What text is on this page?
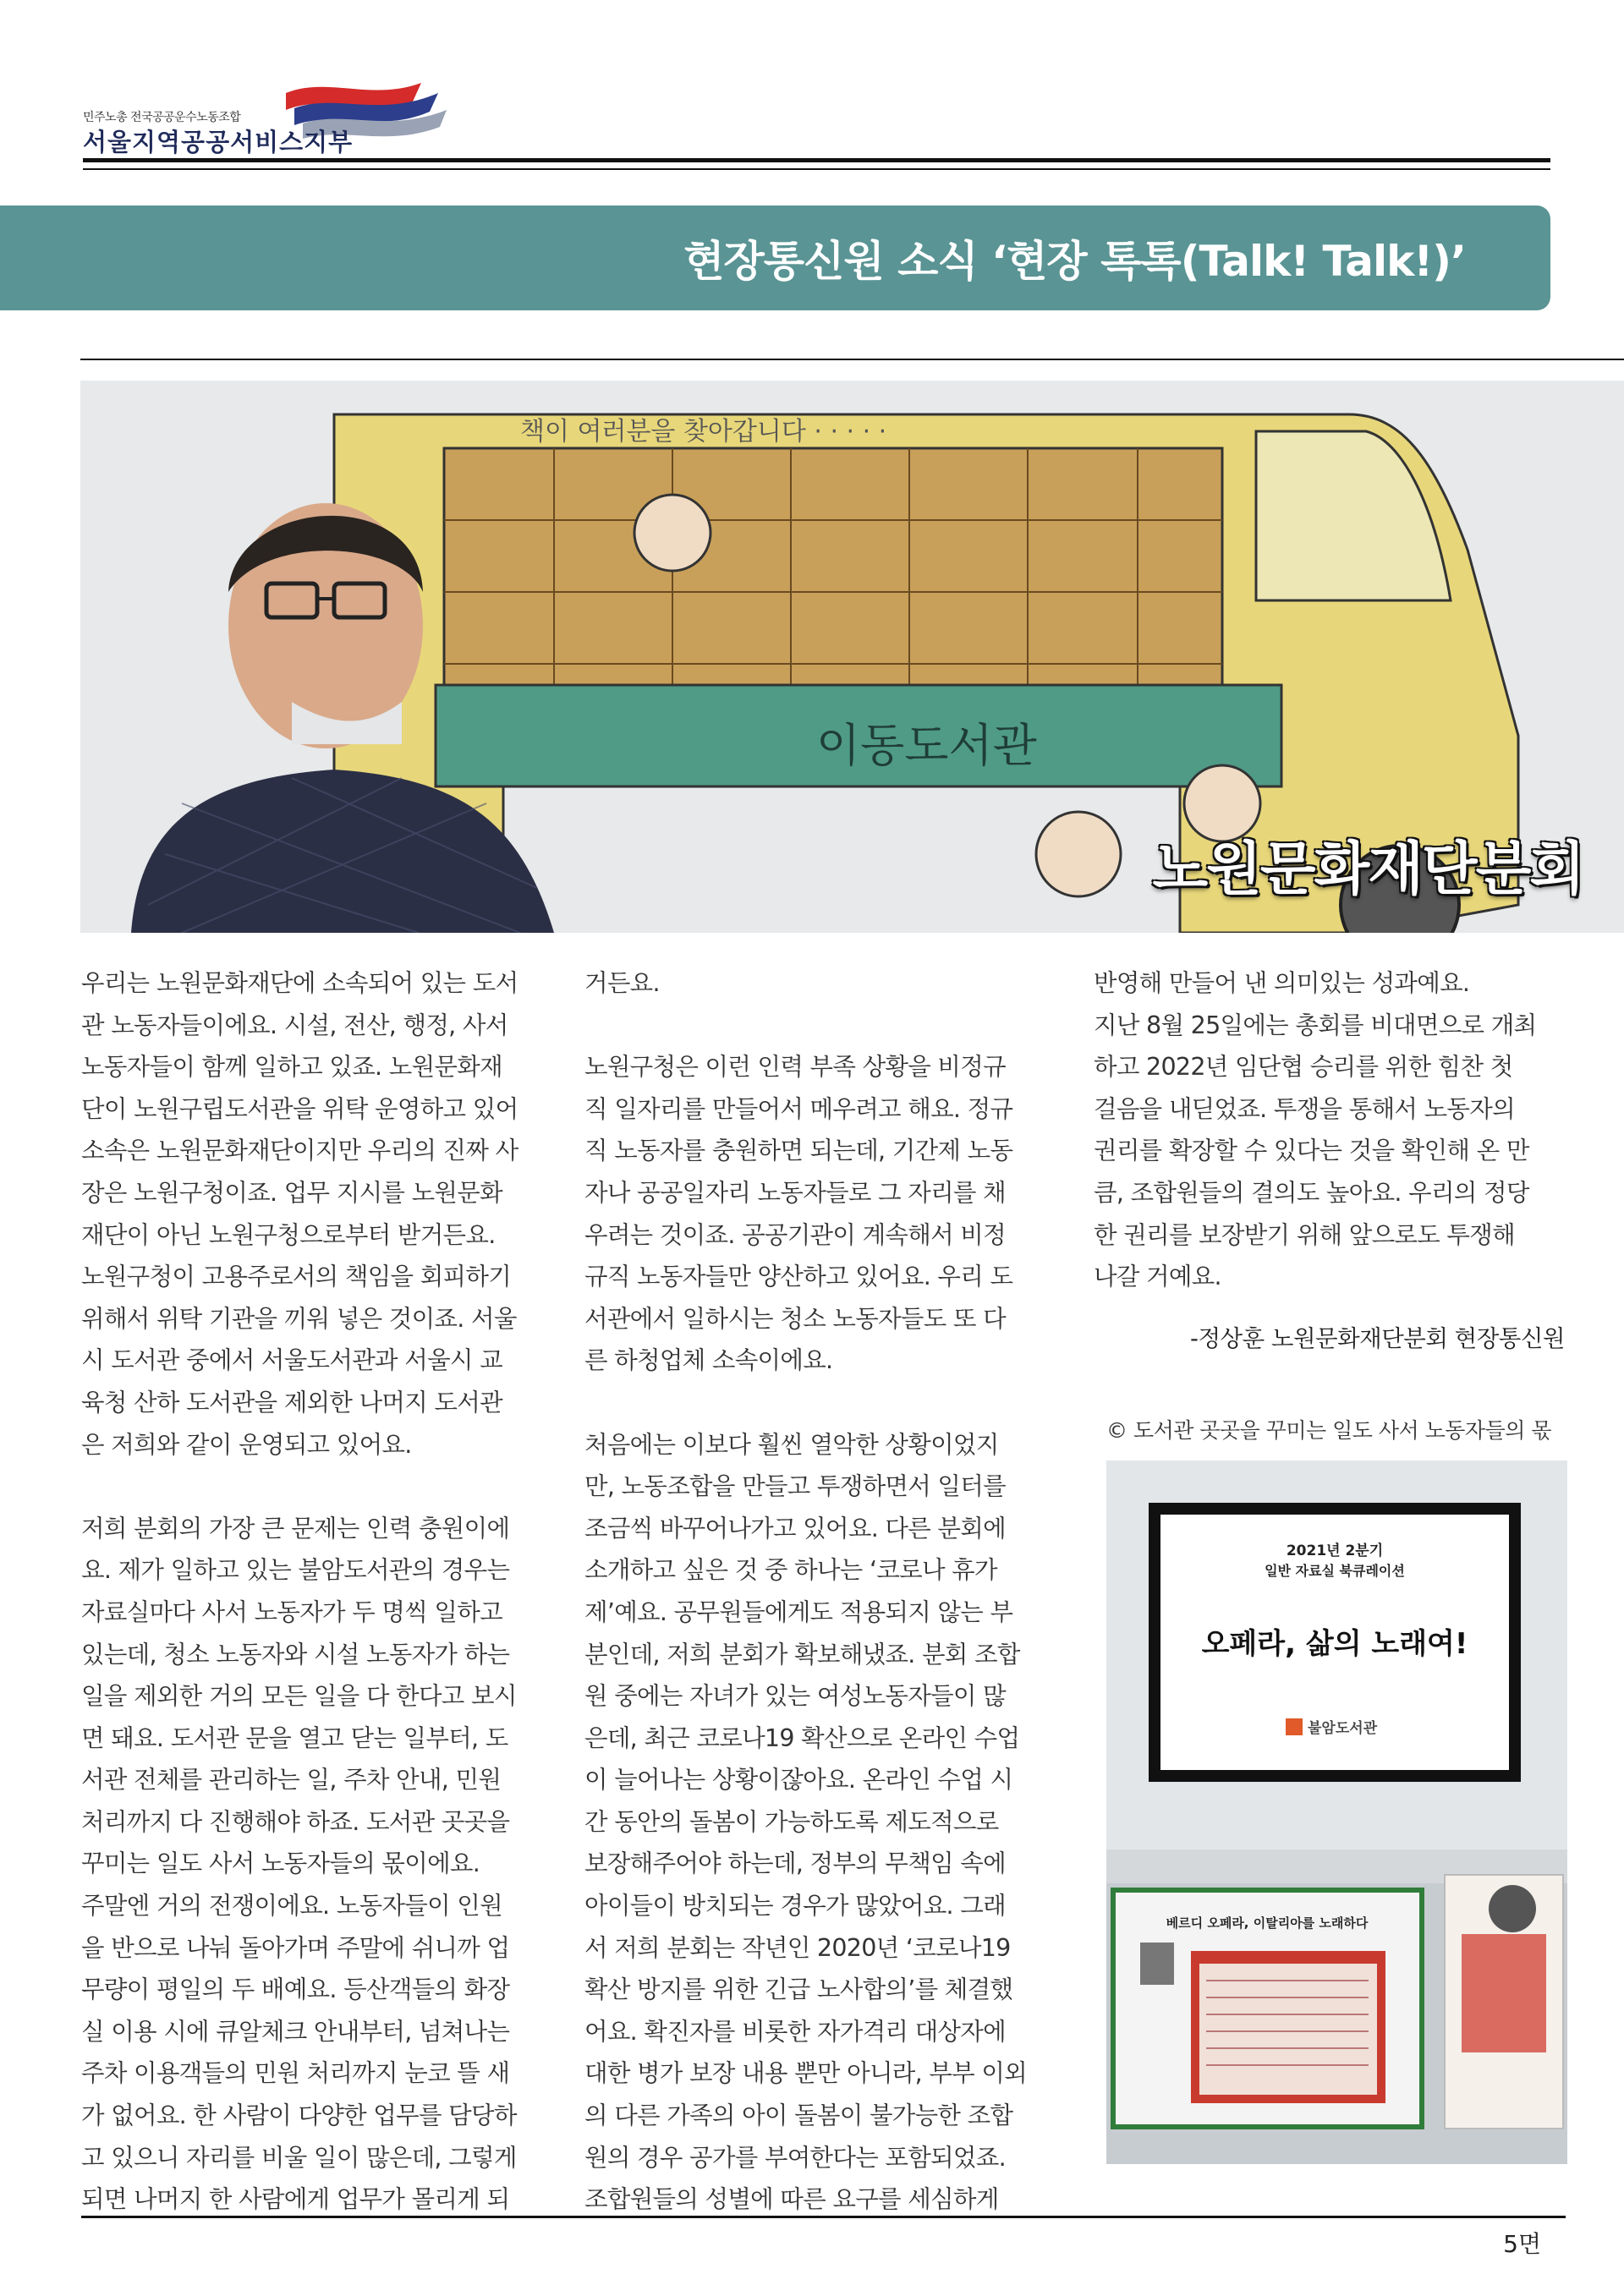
민주노총 전국공공운수노동조합
서울지역공공서비스지부
현장통신원 소식 ‘현장 톡톡(Talk! Talk!)’
책이 여러분을 찾아갑니다 · · · · ·
이동도서관
노원문화재단분회

우리는 노원문화재단에 소속되어 있는 도서

관 노동자들이에요. 시설, 전산, 행정, 사서

노동자들이 함께 일하고 있죠. 노원문화재

단이 노원구립도서관을 위탁 운영하고 있어

소속은 노원문화재단이지만 우리의 진짜 사

장은 노원구청이죠. 업무 지시를 노원문화

재단이 아닌 노원구청으로부터 받거든요.

노원구청이 고용주로서의 책임을 회피하기

위해서 위탁 기관을 끼워 넣은 것이죠. 서울

시 도서관 중에서 서울도서관과 서울시 교

육청 산하 도서관을 제외한 나머지 도서관

은 저희와 같이 운영되고 있어요.

저희 분회의 가장 큰 문제는 인력 충원이에

요. 제가 일하고 있는 불암도서관의 경우는

자료실마다 사서 노동자가 두 명씩 일하고

있는데, 청소 노동자와 시설 노동자가 하는

일을 제외한 거의 모든 일을 다 한다고 보시

면 돼요. 도서관 문을 열고 닫는 일부터, 도

서관 전체를 관리하는 일, 주차 안내, 민원

처리까지 다 진행해야 하죠. 도서관 곳곳을

꾸미는 일도 사서 노동자들의 몫이에요.

주말엔 거의 전쟁이에요. 노동자들이 인원

을 반으로 나눠 돌아가며 주말에 쉬니까 업

무량이 평일의 두 배예요. 등산객들의 화장

실 이용 시에 큐알체크 안내부터, 넘쳐나는

주차 이용객들의 민원 처리까지 눈코 뜰 새

가 없어요. 한 사람이 다양한 업무를 담당하

고 있으니 자리를 비울 일이 많은데, 그렇게

되면 나머지 한 사람에게 업무가 몰리게 되

거든요.

노원구청은 이런 인력 부족 상황을 비정규

직 일자리를 만들어서 메우려고 해요. 정규

직 노동자를 충원하면 되는데, 기간제 노동

자나 공공일자리 노동자들로 그 자리를 채

우려는 것이죠. 공공기관이 계속해서 비정

규직 노동자들만 양산하고 있어요. 우리 도

서관에서 일하시는 청소 노동자들도 또 다

른 하청업체 소속이에요.

처음에는 이보다 훨씬 열악한 상황이었지

만, 노동조합을 만들고 투쟁하면서 일터를

조금씩 바꾸어나가고 있어요. 다른 분회에

소개하고 싶은 것 중 하나는 ‘코로나 휴가

제’예요. 공무원들에게도 적용되지 않는 부

분인데, 저희 분회가 확보해냈죠. 분회 조합

원 중에는 자녀가 있는 여성노동자들이 많

은데, 최근 코로나19 확산으로 온라인 수업

이 늘어나는 상황이잖아요. 온라인 수업 시

간 동안의 돌봄이 가능하도록 제도적으로

보장해주어야 하는데, 정부의 무책임 속에

아이들이 방치되는 경우가 많았어요. 그래

서 저희 분회는 작년인 2020년 ‘코로나19

확산 방지를 위한 긴급 노사합의’를 체결했

어요. 확진자를 비롯한 자가격리 대상자에

대한 병가 보장 내용 뿐만 아니라, 부부 이외

의 다른 가족의 아이 돌봄이 불가능한 조합

원의 경우 공가를 부여한다는 포함되었죠.

조합원들의 성별에 따른 요구를 세심하게

반영해 만들어 낸 의미있는 성과예요.

지난 8월 25일에는 총회를 비대면으로 개최

하고 2022년 임단협 승리를 위한 힘찬 첫

걸음을 내딛었죠. 투쟁을 통해서 노동자의

권리를 확장할 수 있다는 것을 확인해 온 만

큼, 조합원들의 결의도 높아요. 우리의 정당

한 권리를 보장받기 위해 앞으로도 투쟁해

나갈 거예요.

-정상훈 노원문화재단분회 현장통신원
© 도서관 곳곳을 꾸미는 일도 사서 노동자들의 몫
2021년 2분기
일반 자료실 북큐레이션
오페라, 삶의 노래여!
불암도서관
베르디 오페라, 이탈리아를 노래하다
5면
